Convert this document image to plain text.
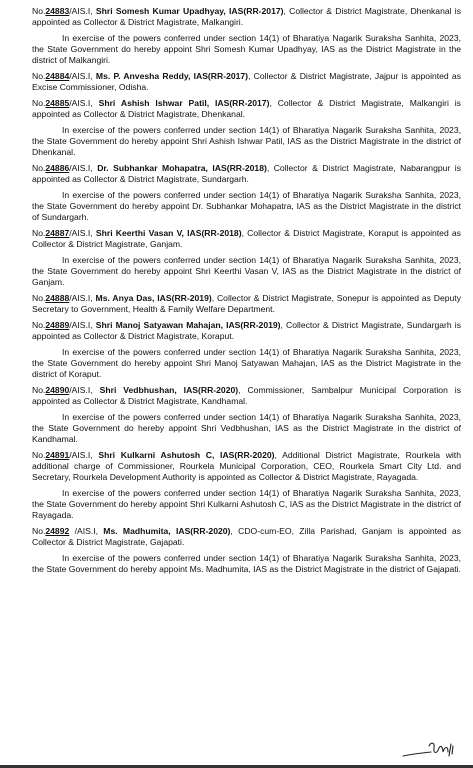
No.24883/AIS.I, Shri Somesh Kumar Upadhyay, IAS(RR-2017), Collector & District Magistrate, Dhenkanal is appointed as Collector & District Magistrate, Malkangiri.

In exercise of the powers conferred under section 14(1) of Bharatiya Nagarik Suraksha Sanhita, 2023, the State Government do hereby appoint Shri Somesh Kumar Upadhyay, IAS as the District Magistrate in the district of Malkangiri.

No.24884/AIS.I, Ms. P. Anvesha Reddy, IAS(RR-2017), Collector & District Magistrate, Jajpur is appointed as Excise Commissioner, Odisha.

No.24885/AIS.I, Shri Ashish Ishwar Patil, IAS(RR-2017), Collector & District Magistrate, Malkangiri is appointed as Collector & District Magistrate, Dhenkanal.

In exercise of the powers conferred under section 14(1) of Bharatiya Nagarik Suraksha Sanhita, 2023, the State Government do hereby appoint Shri Ashish Ishwar Patil, IAS as the District Magistrate in the district of Dhenkanal.

No.24886/AIS.I, Dr. Subhankar Mohapatra, IAS(RR-2018), Collector & District Magistrate, Nabarangpur is appointed as Collector & District Magistrate, Sundargarh.

In exercise of the powers conferred under section 14(1) of Bharatiya Nagarik Suraksha Sanhita, 2023, the State Government do hereby appoint Dr. Subhankar Mohapatra, IAS as the District Magistrate in the district of Sundargarh.

No.24887/AIS.I, Shri Keerthi Vasan V, IAS(RR-2018), Collector & District Magistrate, Koraput is appointed as Collector & District Magistrate, Ganjam.

In exercise of the powers conferred under section 14(1) of Bharatiya Nagarik Suraksha Sanhita, 2023, the State Government do hereby appoint Shri Keerthi Vasan V, IAS as the District Magistrate in the district of Ganjam.

No.24888/AIS.I, Ms. Anya Das, IAS(RR-2019), Collector & District Magistrate, Sonepur is appointed as Deputy Secretary to Government, Health & Family Welfare Department.

No.24889/AIS.I, Shri Manoj Satyawan Mahajan, IAS(RR-2019), Collector & District Magistrate, Sundargarh is appointed as Collector & District Magistrate, Koraput.

In exercise of the powers conferred under section 14(1) of Bharatiya Nagarik Suraksha Sanhita, 2023, the State Government do hereby appoint Shri Manoj Satyawan Mahajan, IAS as the District Magistrate in the district of Koraput.

No.24890/AIS.I, Shri Vedbhushan, IAS(RR-2020), Commissioner, Sambalpur Municipal Corporation is appointed as Collector & District Magistrate, Kandhamal.

In exercise of the powers conferred under section 14(1) of Bharatiya Nagarik Suraksha Sanhita, 2023, the State Government do hereby appoint Shri Vedbhushan, IAS as the District Magistrate in the district of Kandhamal.

No.24891/AIS.I, Shri Kulkarni Ashutosh C, IAS(RR-2020), Additional District Magistrate, Rourkela with additional charge of Commissioner, Rourkela Municipal Corporation, CEO, Rourkela Smart City Ltd. and Secretary, Rourkela Development Authority is appointed as Collector & District Magistrate, Rayagada.

In exercise of the powers conferred under section 14(1) of Bharatiya Nagarik Suraksha Sanhita, 2023, the State Government do hereby appoint Shri Kulkarni Ashutosh C, IAS as the District Magistrate in the district of Rayagada.

No.24892 /AIS.I, Ms. Madhumita, IAS(RR-2020), CDO-cum-EO, Zilla Parishad, Ganjam is appointed as Collector & District Magistrate, Gajapati.

In exercise of the powers conferred under section 14(1) of Bharatiya Nagarik Suraksha Sanhita, 2023, the State Government do hereby appoint Ms. Madhumita, IAS as the District Magistrate in the district of Gajapati.
